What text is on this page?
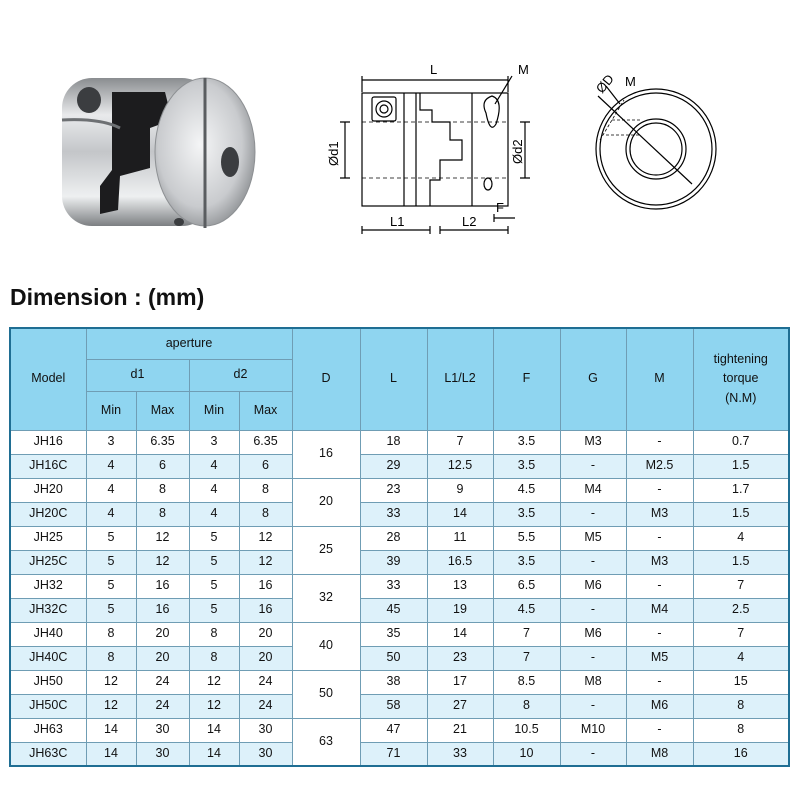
L	M
Ød1	Ød2
L1	L2
F
ØD M
Dimension : (mm)
Model	aperture				D	L	L1/L2	F	G	M	tightening
torque
(N.M)

	d1		d2								
	Min	Max	Min	Max							
JH16	3	6.35	3	6.35	16	18	7	3.5	M3	-	0.7
JH16C	4	6	4	6		29	12.5	3.5	-	M2.5	1.5
JH20	4	8	4	8	20	23	9	4.5	M4	-	1.7
JH20C	4	8	4	8		33	14	3.5	-	M3	1.5
JH25	5	12	5	12	25	28	11	5.5	M5	-	4
JH25C	5	12	5	12		39	16.5	3.5	-	M3	1.5
JH32	5	16	5	16	32	33	13	6.5	M6	-	7
JH32C	5	16	5	16		45	19	4.5	-	M4	2.5
JH40	8	20	8	20	40	35	14	7	M6	-	7
JH40C	8	20	8	20		50	23	7	-	M5	4
JH50	12	24	12	24	50	38	17	8.5	M8	-	15
JH50C	12	24	12	24		58	27	8	-	M6	8
JH63	14	30	14	30	63	47	21	10.5	M10	-	8
JH63C	14	30	14	30		71	33	10	-	M8	16
